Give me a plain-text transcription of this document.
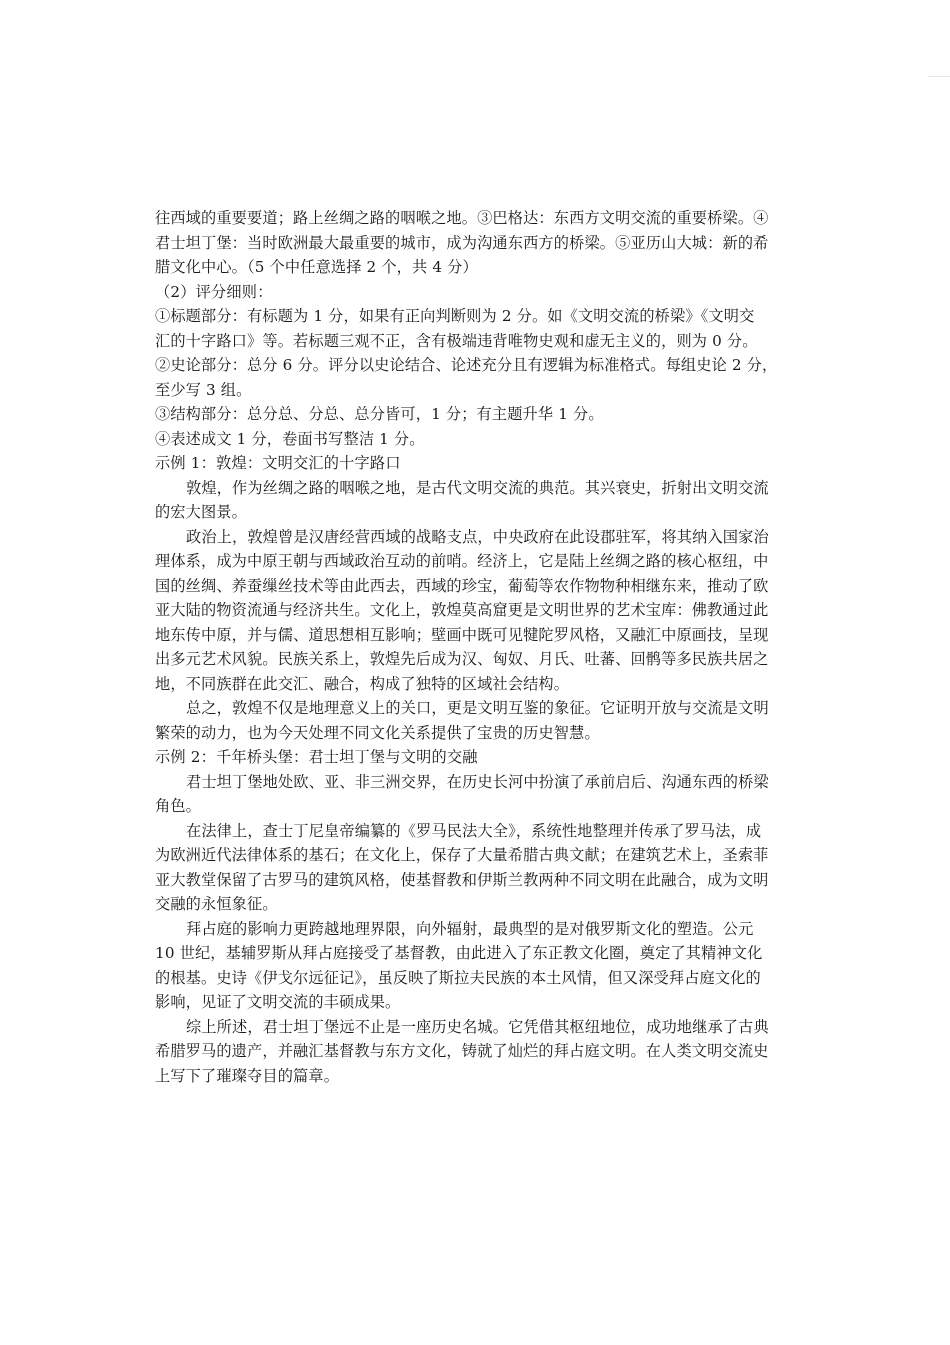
往西域的重要要道；路上丝绸之路的咽喉之地。③巴格达：东西方文明交流的重要桥梁。④
君士坦丁堡：当时欧洲最大最重要的城市，成为沟通东西方的桥梁。⑤亚历山大城：新的希
腊文化中心。（5 个中任意选择 2 个，共 4 分）
（2）评分细则：
①标题部分：有标题为 1 分，如果有正向判断则为 2 分。如《文明交流的桥梁》《文明交
汇的十字路口》等。若标题三观不正，含有极端违背唯物史观和虚无主义的，则为 0 分。
②史论部分：总分 6 分。评分以史论结合、论述充分且有逻辑为标准格式。每组史论 2 分，
至少写 3 组。
③结构部分：总分总、分总、总分皆可，1 分；有主题升华 1 分。
④表述成文 1 分，卷面书写整洁 1 分。
示例 1：敦煌：文明交汇的十字路口
敦煌，作为丝绸之路的咽喉之地，是古代文明交流的典范。其兴衰史，折射出文明交流
的宏大图景。
政治上，敦煌曾是汉唐经营西域的战略支点，中央政府在此设郡驻军，将其纳入国家治
理体系，成为中原王朝与西域政治互动的前哨。经济上，它是陆上丝绸之路的核心枢纽，中
国的丝绸、养蚕缫丝技术等由此西去，西域的珍宝，葡萄等农作物物种相继东来，推动了欧
亚大陆的物资流通与经济共生。文化上，敦煌莫高窟更是文明世界的艺术宝库：佛教通过此
地东传中原，并与儒、道思想相互影响；壁画中既可见犍陀罗风格，又融汇中原画技，呈现
出多元艺术风貌。民族关系上，敦煌先后成为汉、匈奴、月氏、吐蕃、回鹘等多民族共居之
地，不同族群在此交汇、融合，构成了独特的区域社会结构。
总之，敦煌不仅是地理意义上的关口，更是文明互鉴的象征。它证明开放与交流是文明
繁荣的动力，也为今天处理不同文化关系提供了宝贵的历史智慧。
示例 2：千年桥头堡：君士坦丁堡与文明的交融
君士坦丁堡地处欧、亚、非三洲交界，在历史长河中扮演了承前启后、沟通东西的桥梁
角色。
在法律上，查士丁尼皇帝编纂的《罗马民法大全》，系统性地整理并传承了罗马法，成
为欧洲近代法律体系的基石；在文化上，保存了大量希腊古典文献；在建筑艺术上，圣索菲
亚大教堂保留了古罗马的建筑风格，使基督教和伊斯兰教两种不同文明在此融合，成为文明
交融的永恒象征。
拜占庭的影响力更跨越地理界限，向外辐射，最典型的是对俄罗斯文化的塑造。公元
10 世纪，基辅罗斯从拜占庭接受了基督教，由此进入了东正教文化圈，奠定了其精神文化
的根基。史诗《伊戈尔远征记》，虽反映了斯拉夫民族的本土风情，但又深受拜占庭文化的
影响，见证了文明交流的丰硕成果。
综上所述，君士坦丁堡远不止是一座历史名城。它凭借其枢纽地位，成功地继承了古典
希腊罗马的遗产，并融汇基督教与东方文化，铸就了灿烂的拜占庭文明。在人类文明交流史
上写下了璀璨夺目的篇章。
